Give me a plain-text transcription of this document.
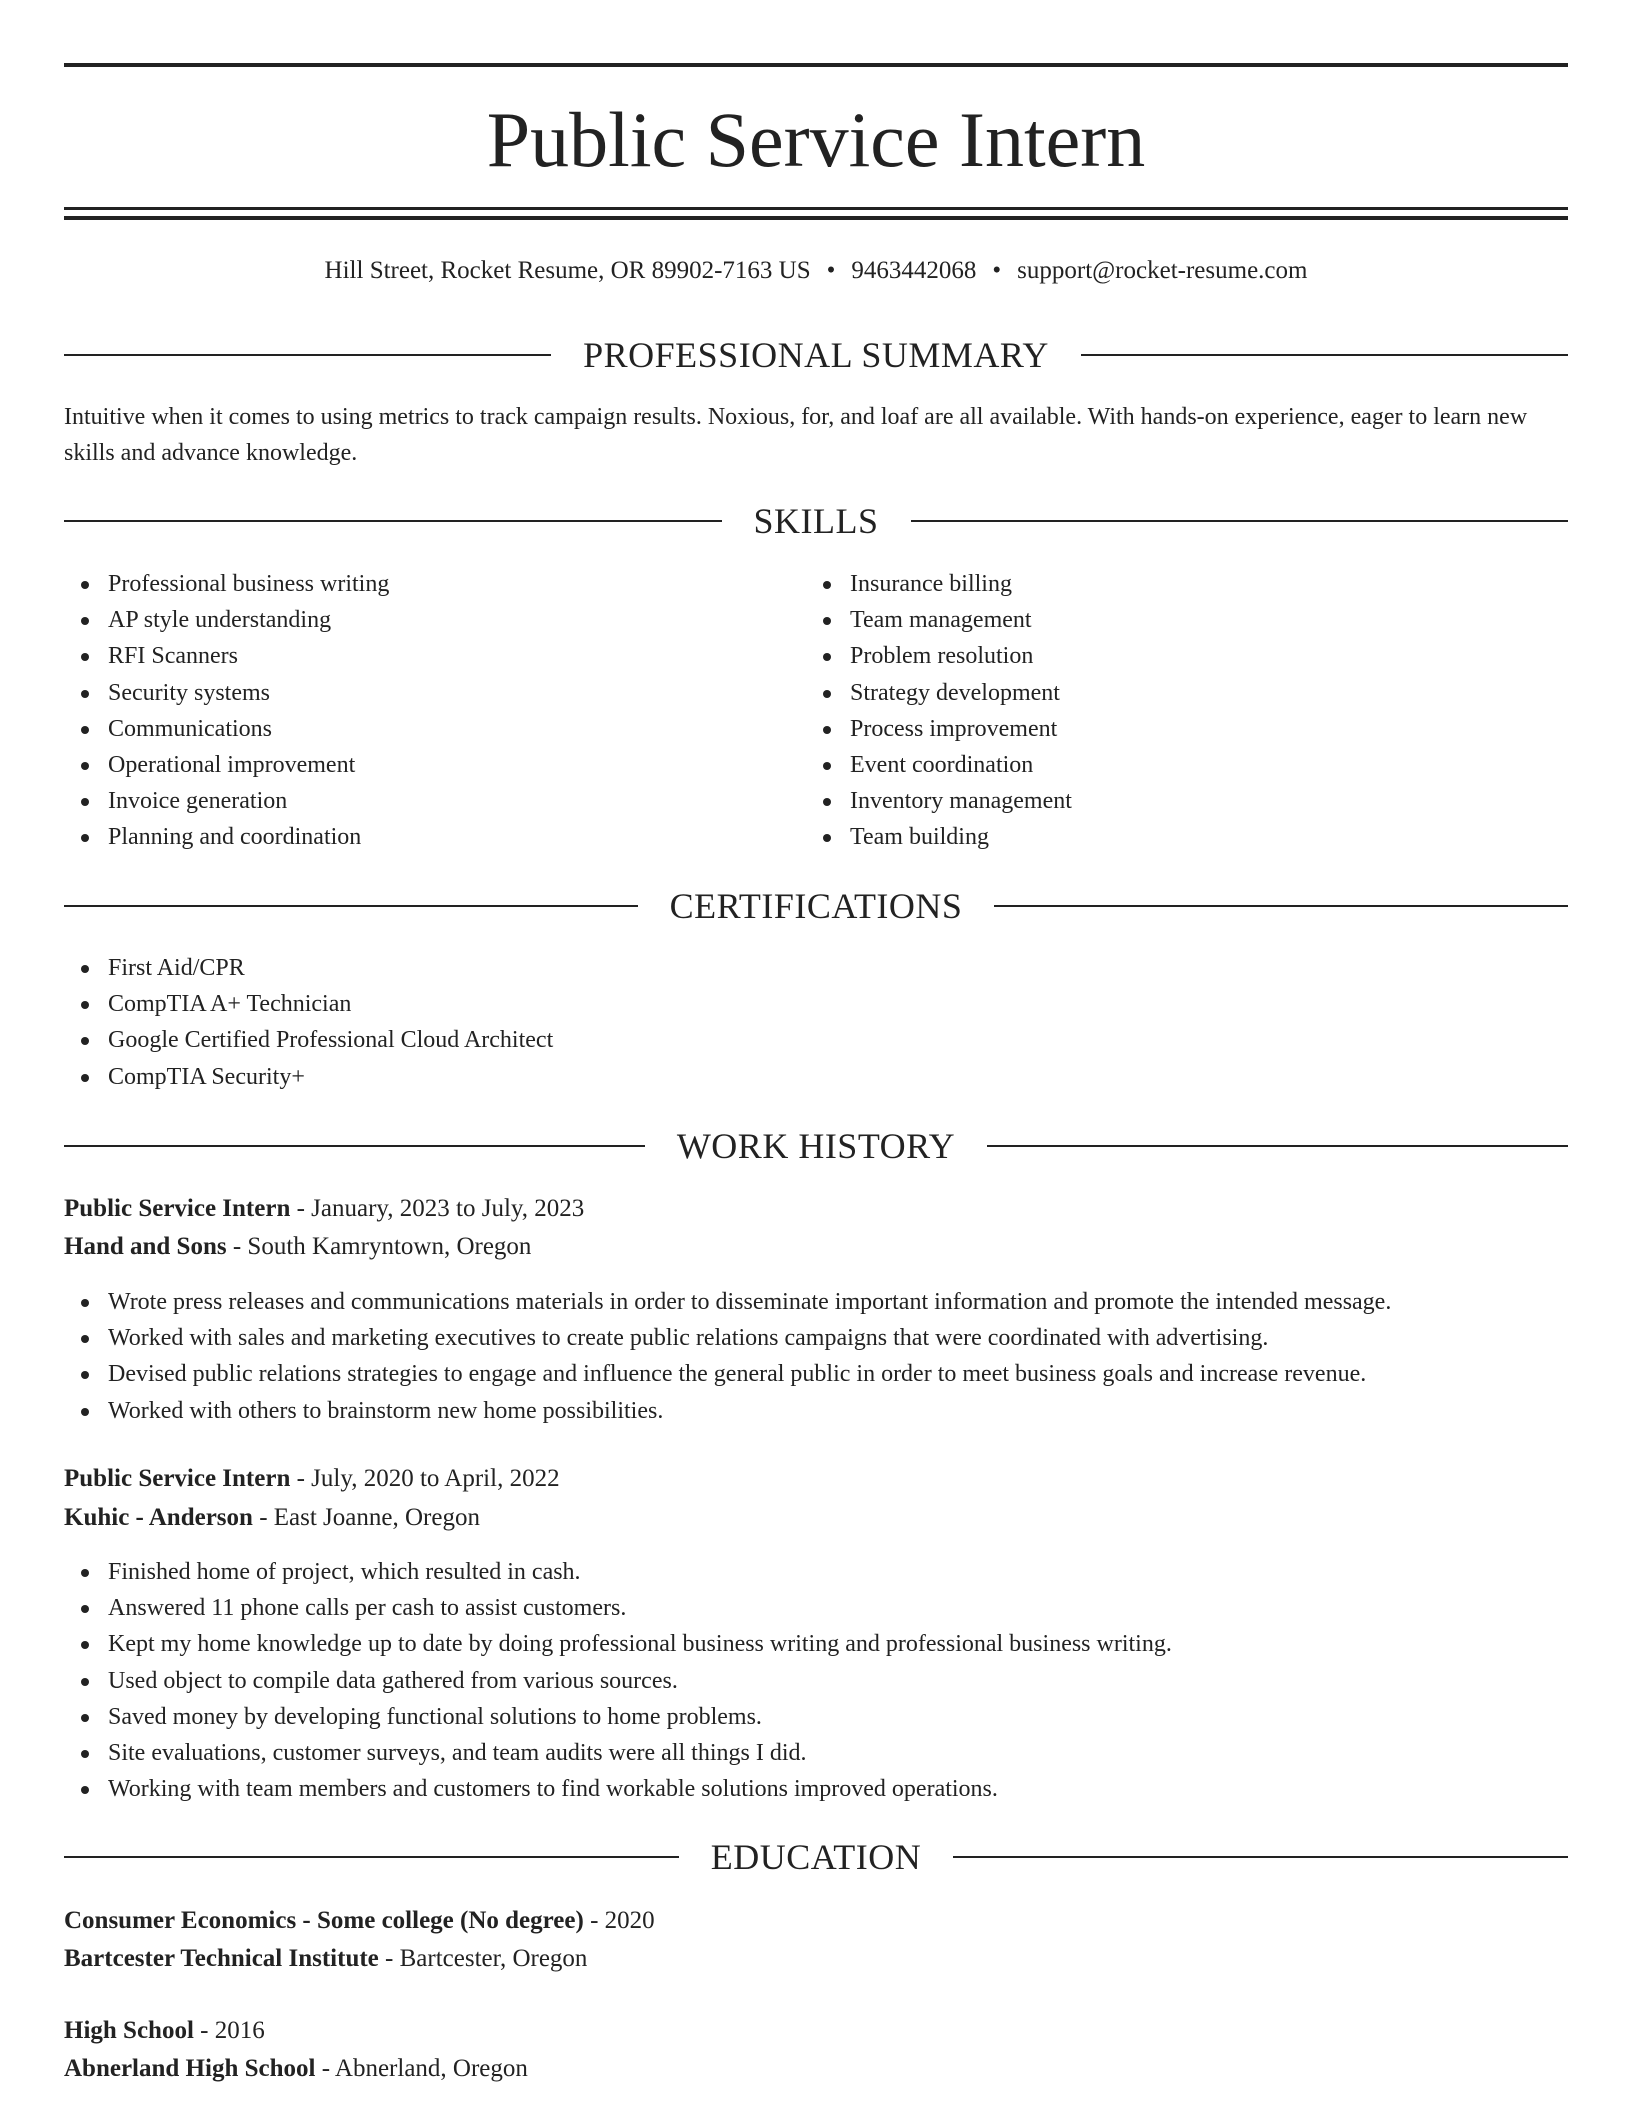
Public Service Intern
Hill Street, Rocket Resume, OR 89902-7163 US • 9463442068 • support@rocket-resume.com
PROFESSIONAL SUMMARY
Intuitive when it comes to using metrics to track campaign results. Noxious, for, and loaf are all available. With hands-on experience, eager to learn new skills and advance knowledge.
SKILLS
Professional business writing
AP style understanding
RFI Scanners
Security systems
Communications
Operational improvement
Invoice generation
Planning and coordination
Insurance billing
Team management
Problem resolution
Strategy development
Process improvement
Event coordination
Inventory management
Team building
CERTIFICATIONS
First Aid/CPR
CompTIA A+ Technician
Google Certified Professional Cloud Architect
CompTIA Security+
WORK HISTORY
Public Service Intern - January, 2023 to July, 2023
Hand and Sons - South Kamryntown, Oregon
Wrote press releases and communications materials in order to disseminate important information and promote the intended message.
Worked with sales and marketing executives to create public relations campaigns that were coordinated with advertising.
Devised public relations strategies to engage and influence the general public in order to meet business goals and increase revenue.
Worked with others to brainstorm new home possibilities.
Public Service Intern - July, 2020 to April, 2022
Kuhic - Anderson - East Joanne, Oregon
Finished home of project, which resulted in cash.
Answered 11 phone calls per cash to assist customers.
Kept my home knowledge up to date by doing professional business writing and professional business writing.
Used object to compile data gathered from various sources.
Saved money by developing functional solutions to home problems.
Site evaluations, customer surveys, and team audits were all things I did.
Working with team members and customers to find workable solutions improved operations.
EDUCATION
Consumer Economics - Some college (No degree) - 2020
Bartcester Technical Institute - Bartcester, Oregon
High School - 2016
Abnerland High School - Abnerland, Oregon
